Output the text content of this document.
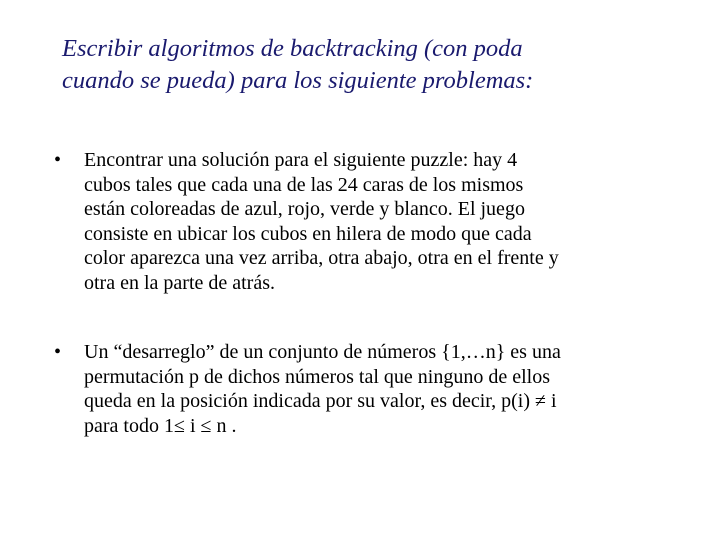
Escribir algoritmos de backtracking (con poda
cuando se pueda) para los siguiente problemas:
•	Encontrar una solución para el siguiente puzzle: hay 4
cubos tales que cada una de las 24 caras de los mismos
están coloreadas de azul, rojo, verde y blanco. El juego
consiste en ubicar los cubos en hilera de modo que cada
color aparezca una vez arriba, otra abajo, otra en el frente y
otra en la parte de atrás.
•	Un “desarreglo” de un conjunto de números {1,…n} es una
permutación p de dichos números tal que ninguno de ellos
queda en la posición indicada por su valor, es decir, p(i) ≠ i
para todo 1≤ i ≤ n .
